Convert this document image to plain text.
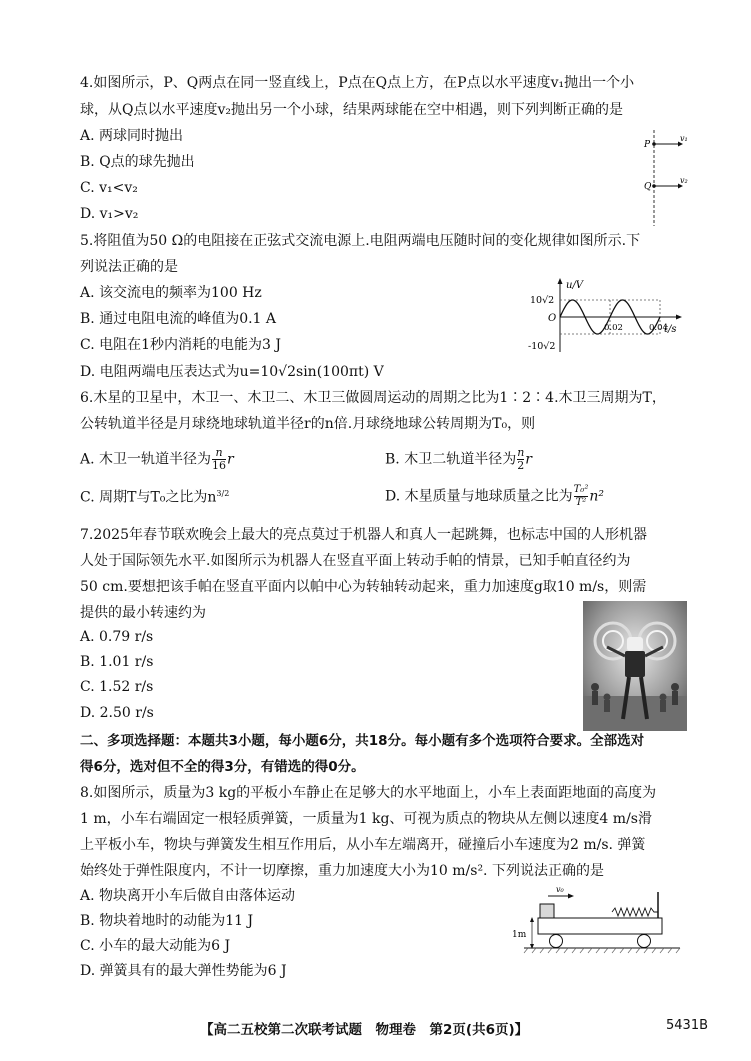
4.如图所示，P、Q两点在同一竖直线上，P点在Q点上方，在P点以水平速度v₁抛出一个小
球，从Q点以水平速度v₂抛出另一个小球，结果两球能在空中相遇，则下列判断正确的是
A. 两球同时抛出
B. Q点的球先抛出
C. v₁<v₂
D. v₁>v₂
P
Q
v₁
v₂
5.将阻值为50 Ω的电阻接在正弦式交流电源上.电阻两端电压随时间的变化规律如图所示.下
列说法正确的是
A. 该交流电的频率为100 Hz
B. 通过电阻电流的峰值为0.1 A
C. 电阻在1秒内消耗的电能为3 J
D. 电阻两端电压表达式为u=10√2sin(100πt) V
u/V
t/s
10√2
-10√2
O
0.02	0.04
6.木星的卫星中，木卫一、木卫二、木卫三做圆周运动的周期之比为1∶2∶4.木卫三周期为T，
公转轨道半径是月球绕地球轨道半径r的n倍.月球绕地球公转周期为T₀，则
A. 木卫一轨道半径为 $\frac{n}{16}$ r	B. 木卫二轨道半径为 $\frac{n}{2}$ r
C. 周期T与T₀之比为$n^{3/2}$	D. 木星质量与地球质量之比为 $\frac{\text{T₀²}}{\text{T²}} n^2$
7.2025年春节联欢晚会上最大的亮点莫过于机器人和真人一起跳舞，也标志中国的人形机器
人处于国际领先水平.如图所示为机器人在竖直平面上转动手帕的情景，已知手帕直径约为
50 cm.要想把该手帕在竖直平面内以帕中心为转轴转动起来，重力加速度g取10 m/s，则需
提供的最小转速约为
A. 0.79 r/s
B. 1.01 r/s
C. 1.52 r/s
D. 2.50 r/s
二、多项选择题：本题共3小题，每小题6分，共18分。每小题有多个选项符合要求。全部选对
得6分，选对但不全的得3分，有错选的得0分。
8.如图所示，质量为3 kg的平板小车静止在足够大的水平地面上，小车上表面距地面的高度为
1 m，小车右端固定一根轻质弹簧，一质量为1 kg、可视为质点的物块从左侧以速度4 m/s滑
上平板小车，物块与弹簧发生相互作用后，从小车左端离开，碰撞后小车速度为2 m/s. 弹簧
始终处于弹性限度内，不计一切摩擦，重力加速度大小为10 m/s². 下列说法正确的是
A. 物块离开小车后做自由落体运动
B. 物块着地时的动能为11 J
C. 小车的最大动能为6 J
D. 弹簧具有的最大弹性势能为6 J
v₀
1m
【高二五校第二次联考试题　物理卷　第2页(共6页)】	5431B
